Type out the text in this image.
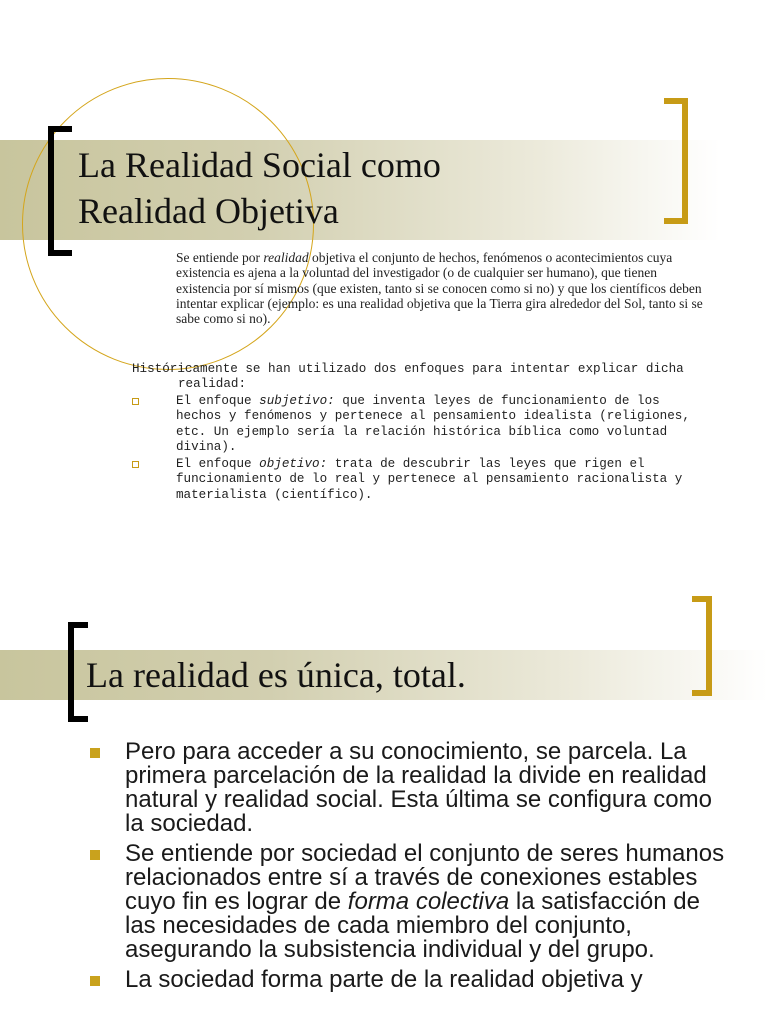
La Realidad Social como
Realidad Objetiva

Se entiende por realidad objetiva el conjunto de hechos, fenómenos o acontecimientos cuya existencia es ajena a la voluntad del investigador (o de cualquier ser humano), que tienen existencia por sí mismos (que existen, tanto si se conocen como si no) y que los científicos deben intentar explicar (ejemplo: es una realidad objetiva que la Tierra gira alrededor del Sol, tanto si se sabe como si no).

Históricamente se han utilizado dos enfoques para intentar explicar dicha realidad:

El enfoque subjetivo: que inventa leyes de funcionamiento de los hechos y fenómenos y pertenece al pensamiento idealista (religiones, etc. Un ejemplo sería la relación histórica bíblica como voluntad divina).
El enfoque objetivo: trata de descubrir las leyes que rigen el funcionamiento de lo real y pertenece al pensamiento racionalista y materialista (científico).
La realidad es única, total.
Pero para acceder a su conocimiento, se parcela. La primera parcelación de la realidad la divide en realidad natural y realidad social. Esta última se configura como la sociedad.
Se entiende por sociedad el conjunto de seres humanos relacionados entre sí a través de conexiones estables cuyo fin es lograr de forma colectiva la satisfacción de las necesidades de cada miembro del conjunto, asegurando la subsistencia individual y del grupo.
La sociedad forma parte de la realidad objetiva y
